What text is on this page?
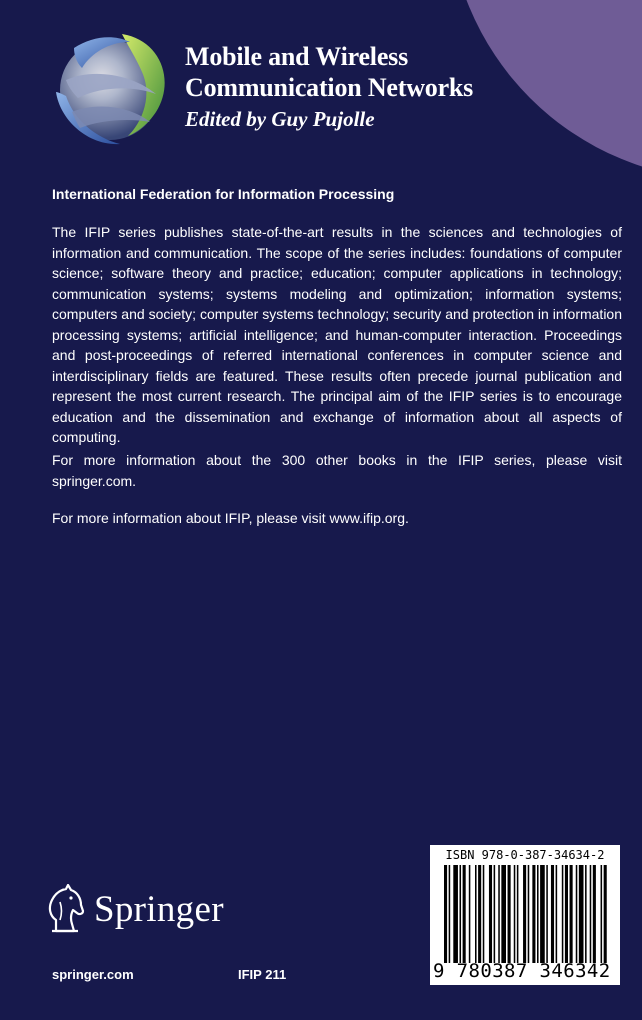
Mobile and Wireless
Communication Networks
Edited by Guy Pujolle
International Federation for Information Processing

The IFIP series publishes state-of-the-art results in the sciences and technologies of information and communication. The scope of the series includes: foundations of computer science; software theory and practice; education; computer applications in technology; communication systems; systems modeling and optimization; information systems; computers and society; computer systems technology; security and protection in information processing systems; artificial intelligence; and human-computer interaction. Proceedings and post-proceedings of referred international conferences in computer science and interdisciplinary fields are featured. These results often precede journal publication and represent the most current research. The principal aim of the IFIP series is to encourage education and the dissemination and exchange of information about all aspects of computing.

For more information about the 300 other books in the IFIP series, please visit springer.com.

For more information about IFIP, please visit www.ifip.org.

Springer
springer.com	IFIP 211
ISBN 978-0-387-34634-2
9 780387 346342
